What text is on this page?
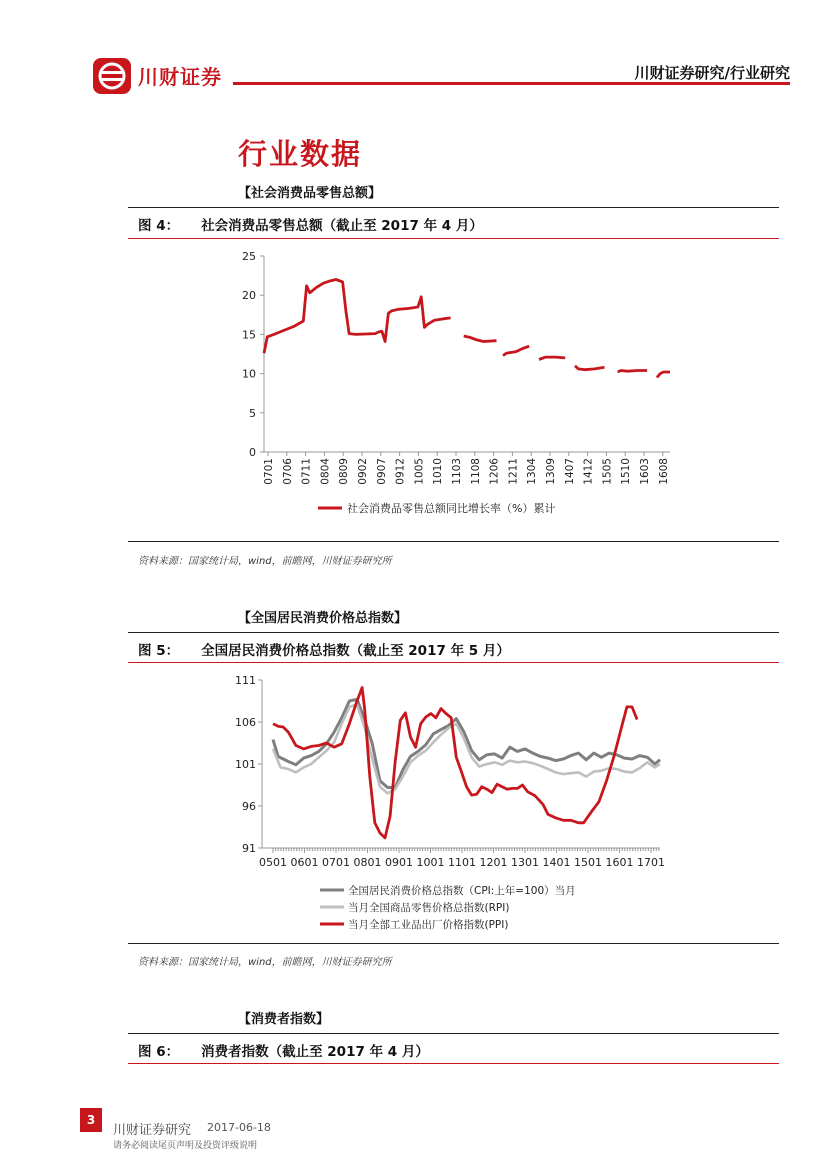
川财证券	川财证券研究/行业研究
行业数据
【社会消费品零售总额】
图 4： 社会消费品零售总额（截止至 2017 年 4 月）
0
5
10
15
20
25
0701 0706 0711 0804 0809 0902 0907 0912 1005 1010 1103 1108 1206 1211 1304 1309 1407 1412 1505 1510 1603 1608
社会消费品零售总额同比增长率（%）累计
资料来源：国家统计局，wind，前瞻网，川财证券研究所
【全国居民消费价格总指数】
图 5： 全国居民消费价格总指数（截止至 2017 年 5 月）
91
96
101
106
111
0501 0601 0701 0801 0901 1001 1101 1201 1301 1401 1501 1601 1701
全国居民消费价格总指数（CPI:上年=100）当月
当月全国商品零售价格总指数(RPI)
当月全部工业品出厂价格指数(PPI)
资料来源：国家统计局，wind，前瞻网，川财证券研究所
【消费者指数】
图 6： 消费者指数（截止至 2017 年 4 月）
3
川财证券研究 2017-06-18
请务必阅读尾页声明及投资评级说明
